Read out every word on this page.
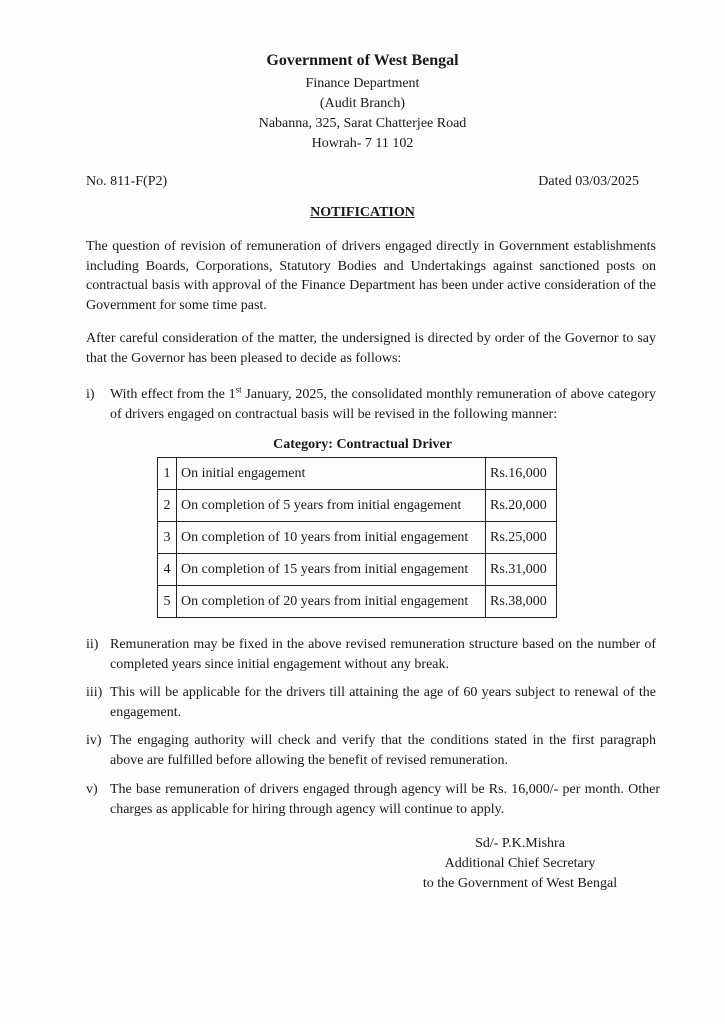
Government of West Bengal
Finance Department
(Audit Branch)
Nabanna, 325, Sarat Chatterjee Road
Howrah- 7 11 102
No. 811-F(P2)	Dated 03/03/2025
NOTIFICATION
The question of revision of remuneration of drivers engaged directly in Government establishments including Boards, Corporations, Statutory Bodies and Undertakings against sanctioned posts on contractual basis with approval of the Finance Department has been under active consideration of the Government for some time past.
After careful consideration of the matter, the undersigned is directed by order of the Governor to say that the Governor has been pleased to decide as follows:
i)	With effect from the 1st January, 2025, the consolidated monthly remuneration of above category of drivers engaged on contractual basis will be revised in the following manner:
Category: Contractual Driver
1	On initial engagement	Rs.16,000
2	On completion of 5 years from initial engagement	Rs.20,000
3	On completion of 10 years from initial engagement	Rs.25,000
4	On completion of 15 years from initial engagement	Rs.31,000
5	On completion of 20 years from initial engagement	Rs.38,000
ii) Remuneration may be fixed in the above revised remuneration structure based on the number of completed years since initial engagement without any break.
iii) This will be applicable for the drivers till attaining the age of 60 years subject to renewal of the engagement.
iv) The engaging authority will check and verify that the conditions stated in the first paragraph above are fulfilled before allowing the benefit of revised remuneration.
v) The base remuneration of drivers engaged through agency will be Rs. 16,000/- per month. Other charges as applicable for hiring through agency will continue to apply.
Sd/- P.K.Mishra
Additional Chief Secretary
to the Government of West Bengal
